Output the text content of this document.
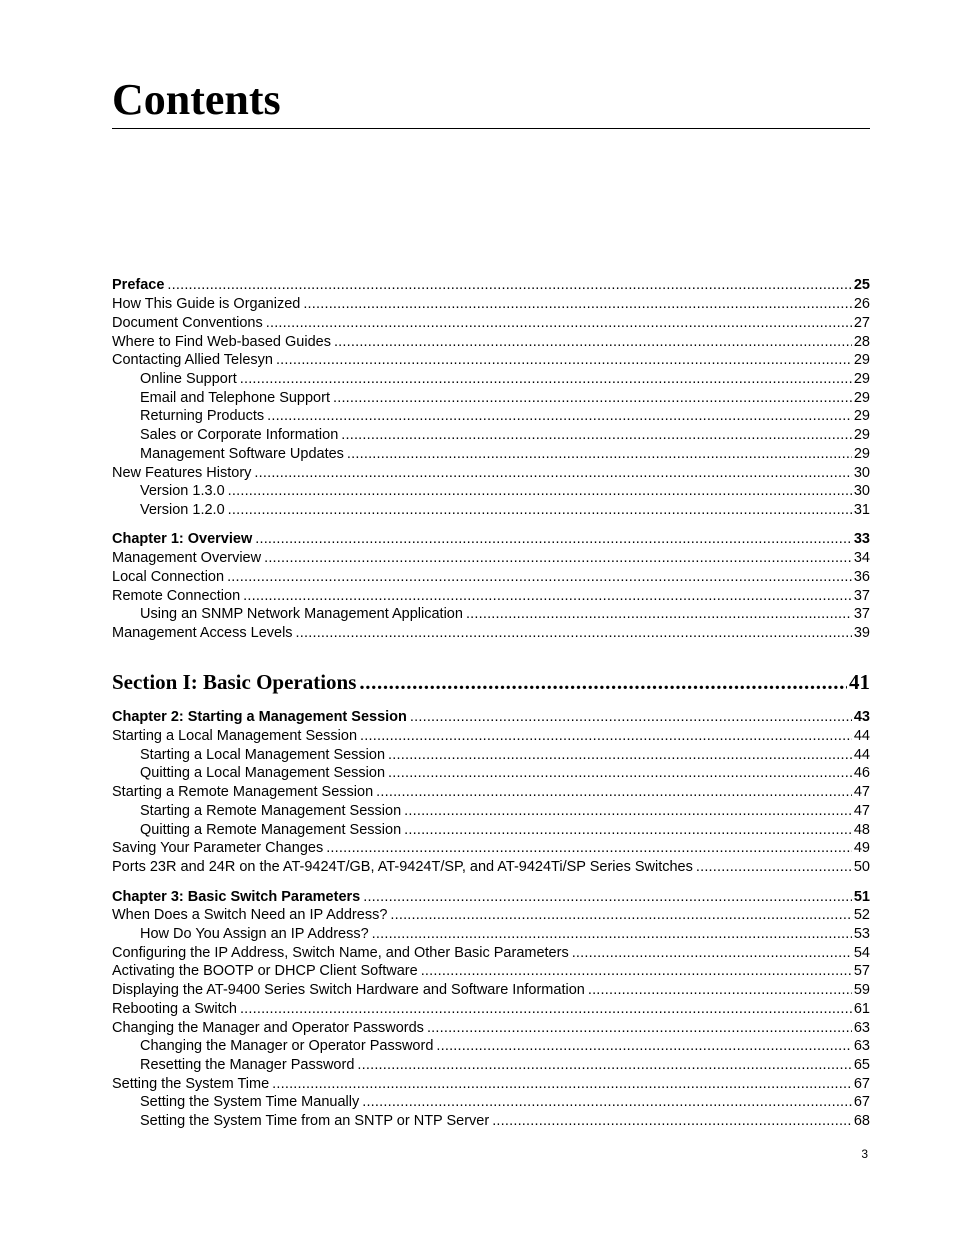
Contents
Preface .....	25
How This Guide is Organized .....	26
Document Conventions .....	27
Where to Find Web-based Guides .....	28
Contacting Allied Telesyn .....	29
Online Support .....	29
Email and Telephone Support .....	29
Returning Products .....	29
Sales or Corporate Information .....	29
Management Software Updates .....	29
New Features History .....	30
Version 1.3.0 .....	30
Version 1.2.0 .....	31
Chapter 1: Overview .....	33
Management Overview .....	34
Local Connection .....	36
Remote Connection .....	37
Using an SNMP Network Management Application .....	37
Management Access Levels .....	39
Section I: Basic Operations .....	41
Chapter 2: Starting a Management Session .....	43
Starting a Local Management Session .....	44
Starting a Local Management Session .....	44
Quitting a Local Management Session .....	46
Starting a Remote Management Session .....	47
Starting a Remote Management Session .....	47
Quitting a Remote Management Session .....	48
Saving Your Parameter Changes .....	49
Ports 23R and 24R on the AT-9424T/GB, AT-9424T/SP, and AT-9424Ti/SP Series Switches .....	50
Chapter 3: Basic Switch Parameters .....	51
When Does a Switch Need an IP Address? .....	52
How Do You Assign an IP Address? .....	53
Configuring the IP Address, Switch Name, and Other Basic Parameters .....	54
Activating the BOOTP or DHCP Client Software .....	57
Displaying the AT-9400 Series Switch Hardware and Software Information .....	59
Rebooting a Switch .....	61
Changing the Manager and Operator Passwords .....	63
Changing the Manager or Operator Password .....	63
Resetting the Manager Password .....	65
Setting the System Time .....	67
Setting the System Time Manually .....	67
Setting the System Time from an SNTP or NTP Server .....	68
3
